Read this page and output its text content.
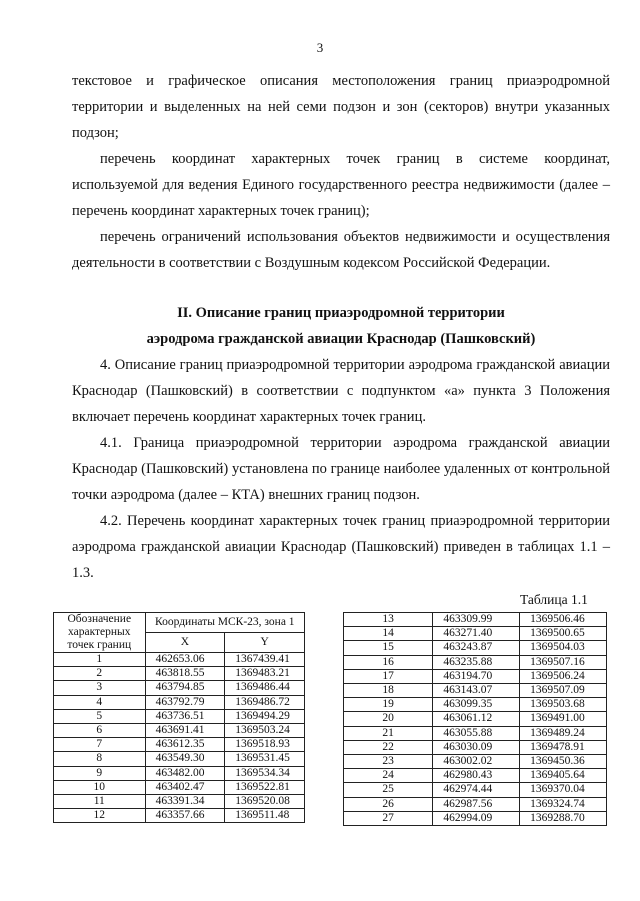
3
текстовое и графическое описания местоположения границ приаэродромной территории и выделенных на ней семи подзон и зон (секторов) внутри указанных подзон;
перечень координат характерных точек границ в системе координат, используемой для ведения Единого государственного реестра недвижимости (далее – перечень координат характерных точек границ);
перечень ограничений использования объектов недвижимости и осуществления деятельности в соответствии с Воздушным кодексом Российской Федерации.
II. Описание границ приаэродромной территории
аэродрома гражданской авиации Краснодар (Пашковский)
4. Описание границ приаэродромной территории аэродрома гражданской авиации Краснодар (Пашковский) в соответствии с подпунктом «а» пункта 3 Положения включает перечень координат характерных точек границ.
4.1. Граница приаэродромной территории аэродрома гражданской авиации Краснодар (Пашковский) установлена по границе наиболее удаленных от контрольной точки аэродрома (далее – КТА) внешних границ подзон.
4.2. Перечень координат характерных точек границ приаэродромной территории аэродрома гражданской авиации Краснодар (Пашковский) приведен в таблицах 1.1 – 1.3.
Таблица 1.1
Обозначение характерных точек границ	Координаты МСК-23, зона 1	
	X	Y
1	462653.06	1367439.41
2	463818.55	1369483.21
3	463794.85	1369486.44
4	463792.79	1369486.72
5	463736.51	1369494.29
6	463691.41	1369503.24
7	463612.35	1369518.93
8	463549.30	1369531.45
9	463482.00	1369534.34
10	463402.47	1369522.81
11	463391.34	1369520.08
12	463357.66	1369511.48
13	463309.99	1369506.46
14	463271.40	1369500.65
15	463243.87	1369504.03
16	463235.88	1369507.16
17	463194.70	1369506.24
18	463143.07	1369507.09
19	463099.35	1369503.68
20	463061.12	1369491.00
21	463055.88	1369489.24
22	463030.09	1369478.91
23	463002.02	1369450.36
24	462980.43	1369405.64
25	462974.44	1369370.04
26	462987.56	1369324.74
27	462994.09	1369288.70
